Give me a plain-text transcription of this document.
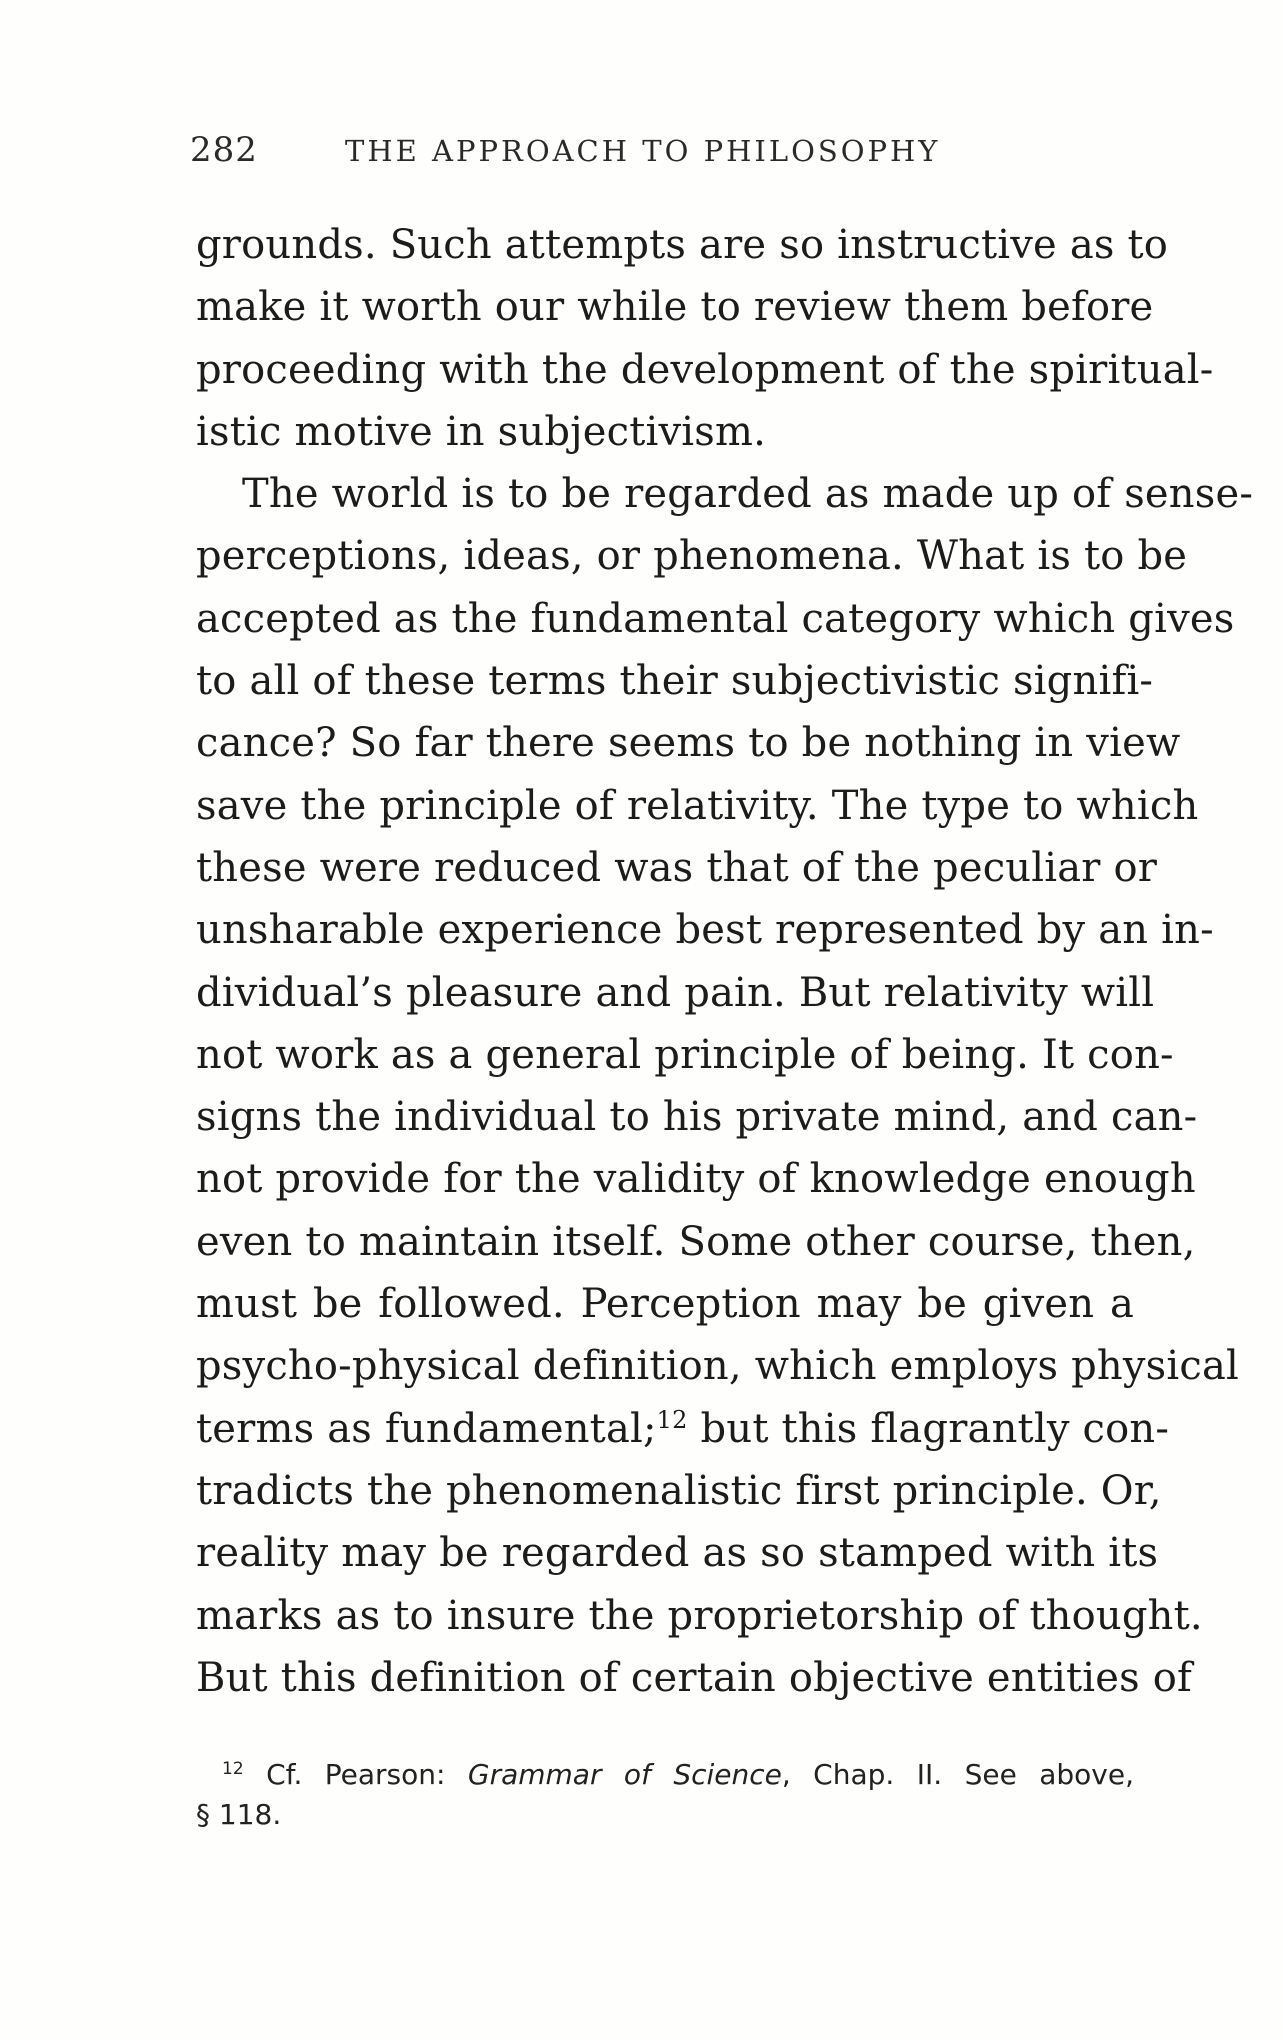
282	THE APPROACH TO PHILOSOPHY
grounds. Such attempts are so instructive as to
make it worth our while to review them before
proceeding with the development of the spiritual-
istic motive in subjectivism.
The world is to be regarded as made up of sense-
perceptions, ideas, or phenomena. What is to be
accepted as the fundamental category which gives
to all of these terms their subjectivistic signifi-
cance? So far there seems to be nothing in view
save the principle of relativity. The type to which
these were reduced was that of the peculiar or
unsharable experience best represented by an in-
dividual’s pleasure and pain. But relativity will
not work as a general principle of being. It con-
signs the individual to his private mind, and can-
not provide for the validity of knowledge enough
even to maintain itself. Some other course, then,
must be followed. Perception may be given a
psycho-physical definition, which employs physical
terms as fundamental;$^{12}$ but this flagrantly con-
tradicts the phenomenalistic first principle. Or,
reality may be regarded as so stamped with its
marks as to insure the proprietorship of thought.
But this definition of certain objective entities of
$^{12}$ Cf. Pearson: Grammar of Science, Chap. II. See above,
§ 118.
